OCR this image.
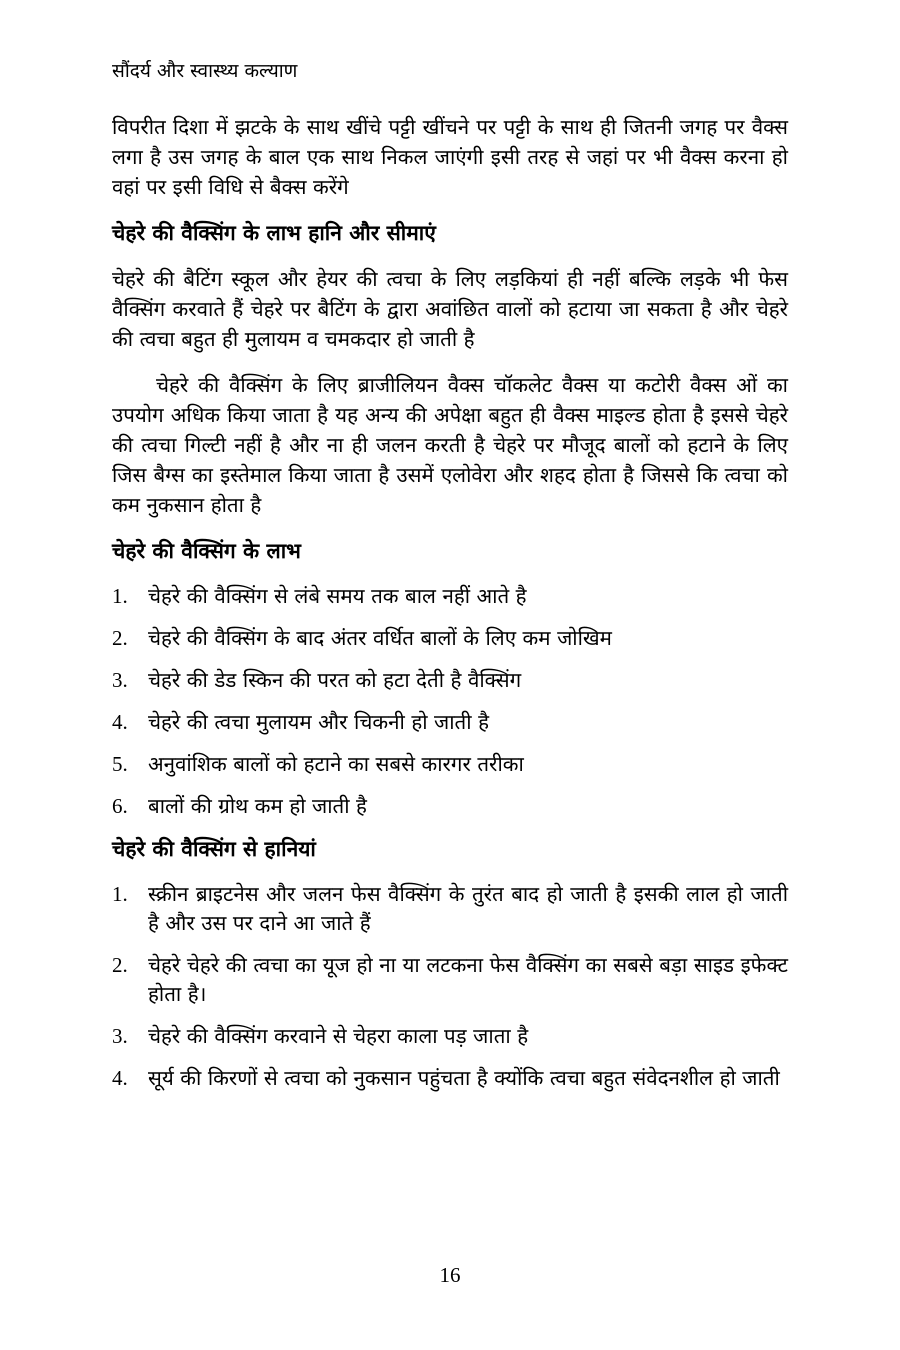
सौंदर्य और स्वास्थ्य कल्याण

विपरीत दिशा में झटके के साथ खींचे पट्टी खींचने पर पट्टी के साथ ही जितनी जगह पर वैक्स लगा है उस जगह के बाल एक साथ निकल जाएंगी इसी तरह से जहां पर भी वैक्स करना हो वहां पर इसी विधि से बैक्स करेंगे

चेहरे की वैक्सिंग के लाभ हानि और सीमाएं

चेहरे की बैटिंग स्कूल और हेयर की त्वचा के लिए लड़कियां ही नहीं बल्कि लड़के भी फेस वैक्सिंग करवाते हैं चेहरे पर बैटिंग के द्वारा अवांछित वालों को हटाया जा सकता है और चेहरे की त्वचा बहुत ही मुलायम व चमकदार हो जाती है

चेहरे की वैक्सिंग के लिए ब्राजीलियन वैक्स चॉकलेट वैक्स या कटोरी वैक्स ओं का उपयोग अधिक किया जाता है यह अन्य की अपेक्षा बहुत ही वैक्स माइल्ड होता है इससे चेहरे की त्वचा गिल्टी नहीं है और ना ही जलन करती है चेहरे पर मौजूद बालों को हटाने के लिए जिस बैग्स का इस्तेमाल किया जाता है उसमें एलोवेरा और शहद होता है जिससे कि त्वचा को कम नुकसान होता है

चेहरे की वैक्सिंग के लाभ
1. चेहरे की वैक्सिंग से लंबे समय तक बाल नहीं आते है
2. चेहरे की वैक्सिंग के बाद अंतर वर्धित बालों के लिए कम जोखिम
3. चेहरे की डेड स्किन की परत को हटा देती है वैक्सिंग
4. चेहरे की त्वचा मुलायम और चिकनी हो जाती है
5. अनुवांशिक बालों को हटाने का सबसे कारगर तरीका
6. बालों की ग्रोथ कम हो जाती है
चेहरे की वैक्सिंग से हानियां
1. स्क्रीन ब्राइटनेस और जलन फेस वैक्सिंग के तुरंत बाद हो जाती है इसकी लाल हो जाती है और उस पर दाने आ जाते हैं
2. चेहरे चेहरे की त्वचा का यूज हो ना या लटकना फेस वैक्सिंग का सबसे बड़ा साइड इफेक्ट होता है।
3. चेहरे की वैक्सिंग करवाने से चेहरा काला पड़ जाता है
4. सूर्य की किरणों से त्वचा को नुकसान पहुंचता है क्योंकि त्वचा बहुत संवेदनशील हो जाती
16
